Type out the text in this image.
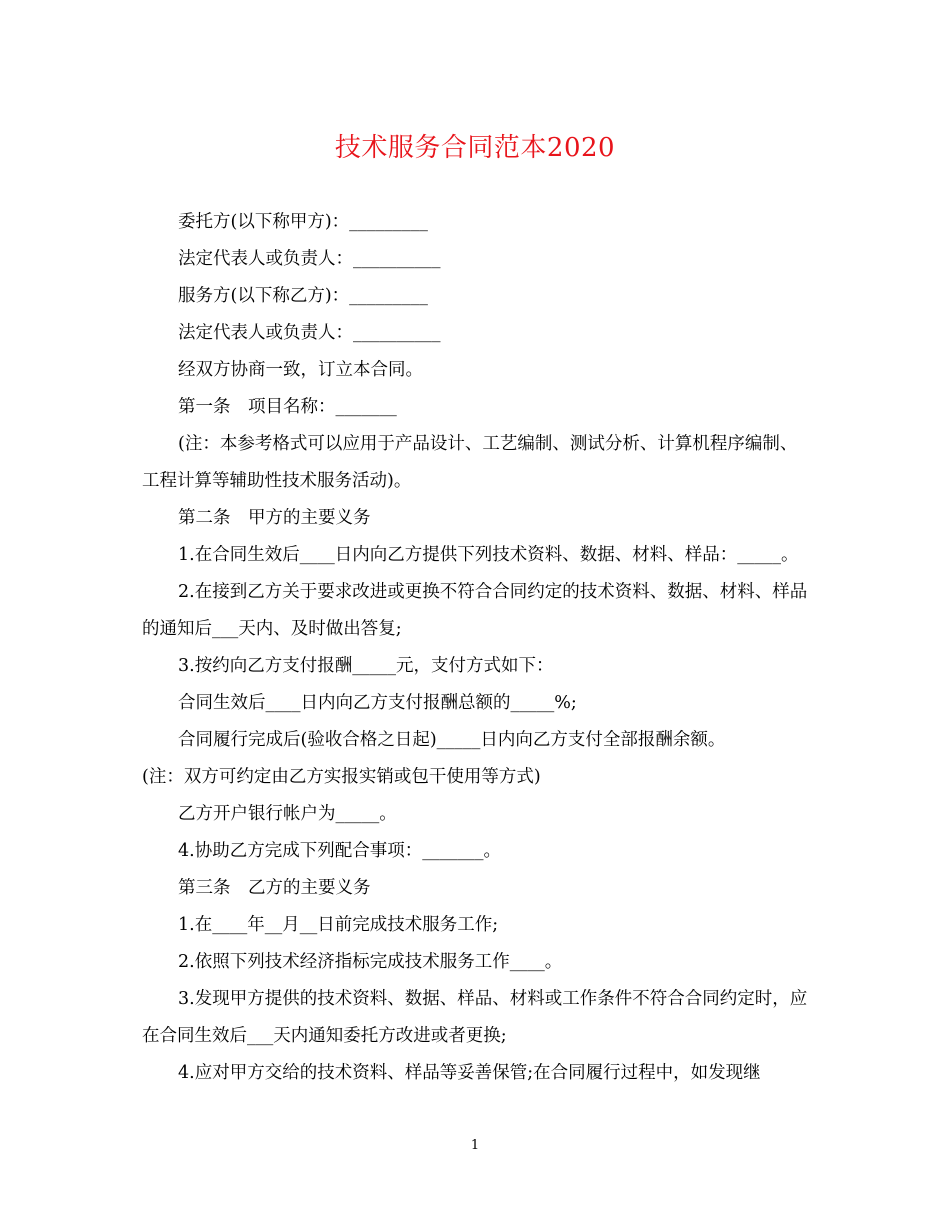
技术服务合同范本2020

委托方(以下称甲方)：_________

法定代表人或负责人：__________

服务方(以下称乙方)：_________

法定代表人或负责人：__________

经双方协商一致，订立本合同。

第一条　项目名称：_______

(注：本参考格式可以应用于产品设计、工艺编制、测试分析、计算机程序编制、工程计算等辅助性技术服务活动)。

第二条　甲方的主要义务

1.在合同生效后____日内向乙方提供下列技术资料、数据、材料、样品：_____。

2.在接到乙方关于要求改进或更换不符合合同约定的技术资料、数据、材料、样品的通知后___天内、及时做出答复;

3.按约向乙方支付报酬_____元，支付方式如下：

合同生效后____日内向乙方支付报酬总额的_____%;

合同履行完成后(验收合格之日起)_____日内向乙方支付全部报酬余额。

(注：双方可约定由乙方实报实销或包干使用等方式)

乙方开户银行帐户为_____。

4.协助乙方完成下列配合事项：_______。

第三条　乙方的主要义务

1.在____年__月__日前完成技术服务工作;

2.依照下列技术经济指标完成技术服务工作____。

3.发现甲方提供的技术资料、数据、样品、材料或工作条件不符合合同约定时，应在合同生效后___天内通知委托方改进或者更换;

4.应对甲方交给的技术资料、样品等妥善保管;在合同履行过程中，如发现继

1
